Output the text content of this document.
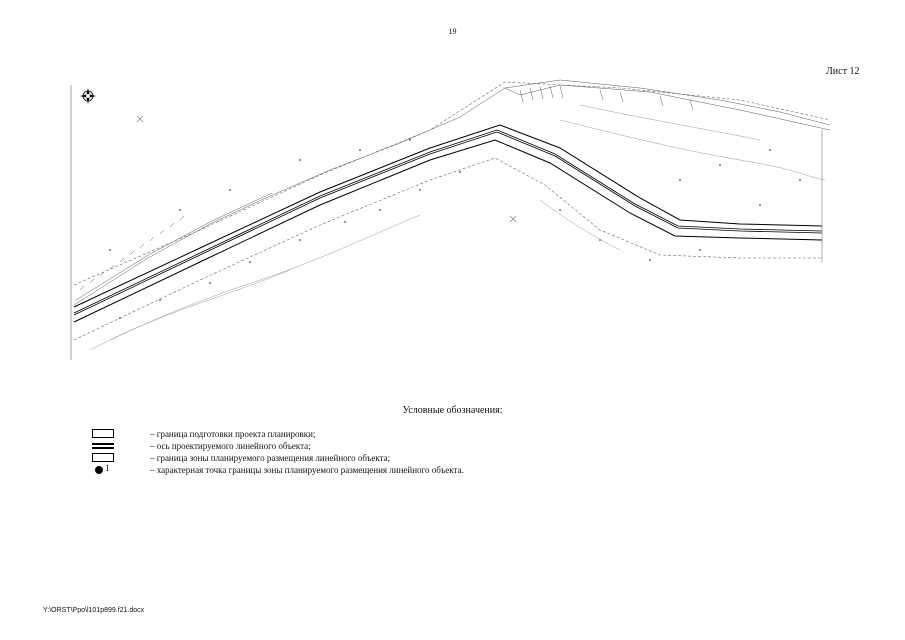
19
Лист 12
Условные обозначения:
– граница подготовки проекта планировки;
– ось проектируемого линейного объекта;
– граница зоны планируемого размещения линейного объекта;
1	– характерная точка границы зоны планируемого размещения линейного объекта.
Y:\ORST\Ppo\l101p899.f21.docx
